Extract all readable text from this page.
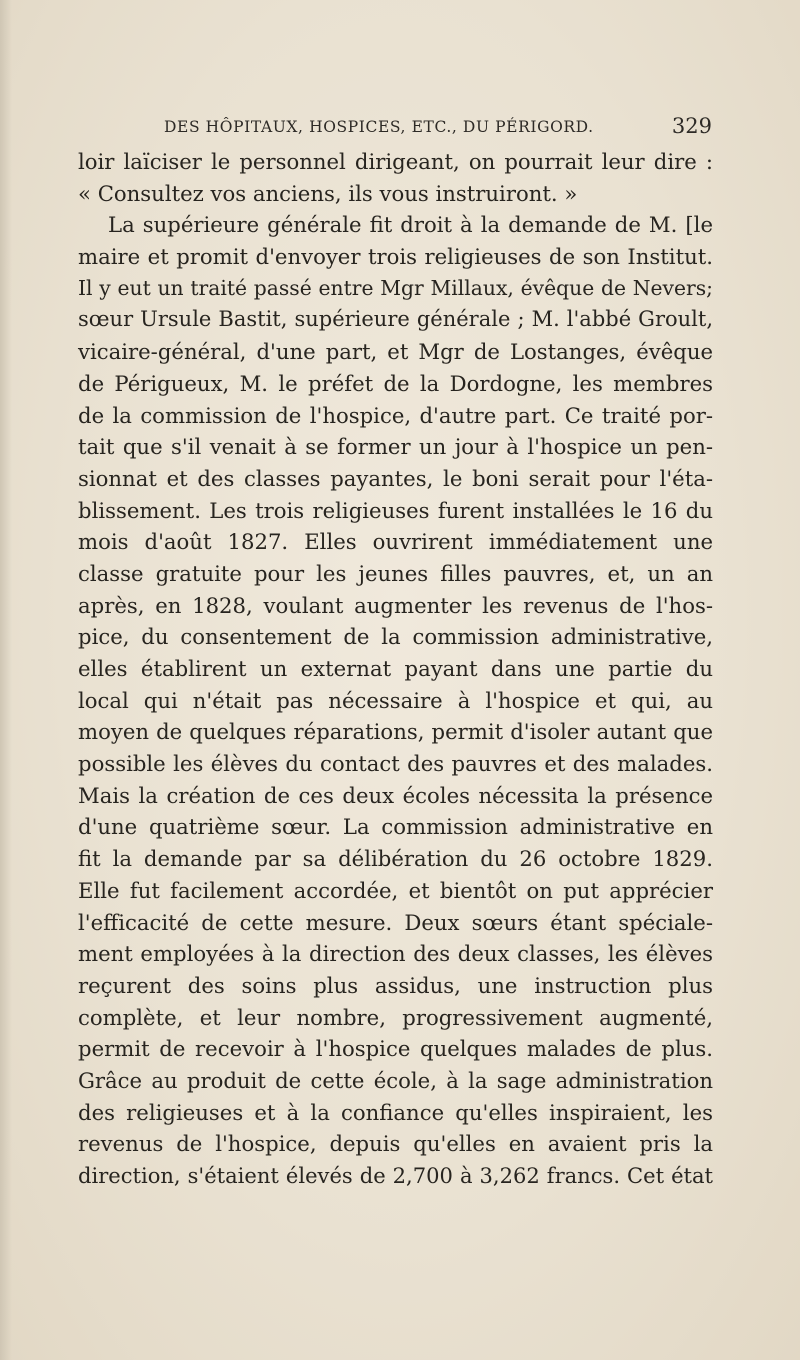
DES HÔPITAUX, HOSPICES, ETC., DU PÉRIGORD.	329
loir laïciser le personnel dirigeant, on pourrait leur dire :
« Consultez vos anciens, ils vous instruiront. »
La supérieure générale fit droit à la demande de M. [le
maire et promit d'envoyer trois religieuses de son Institut.
Il y eut un traité passé entre Mgr Millaux, évêque de Nevers;
sœur Ursule Bastit, supérieure générale ; M. l'abbé Groult,
vicaire-général, d'une part, et Mgr de Lostanges, évêque
de Périgueux, M. le préfet de la Dordogne, les membres
de la commission de l'hospice, d'autre part. Ce traité por-
tait que s'il venait à se former un jour à l'hospice un pen-
sionnat et des classes payantes, le boni serait pour l'éta-
blissement. Les trois religieuses furent installées le 16 du
mois d'août 1827. Elles ouvrirent immédiatement une
classe gratuite pour les jeunes filles pauvres, et, un an
après, en 1828, voulant augmenter les revenus de l'hos-
pice, du consentement de la commission administrative,
elles établirent un externat payant dans une partie du
local qui n'était pas nécessaire à l'hospice et qui, au
moyen de quelques réparations, permit d'isoler autant que
possible les élèves du contact des pauvres et des malades.
Mais la création de ces deux écoles nécessita la présence
d'une quatrième sœur. La commission administrative en
fit la demande par sa délibération du 26 octobre 1829.
Elle fut facilement accordée, et bientôt on put apprécier
l'efficacité de cette mesure. Deux sœurs étant spéciale-
ment employées à la direction des deux classes, les élèves
reçurent des soins plus assidus, une instruction plus
complète, et leur nombre, progressivement augmenté,
permit de recevoir à l'hospice quelques malades de plus.
Grâce au produit de cette école, à la sage administration
des religieuses et à la confiance qu'elles inspiraient, les
revenus de l'hospice, depuis qu'elles en avaient pris la
direction, s'étaient élevés de 2,700 à 3,262 francs. Cet état
